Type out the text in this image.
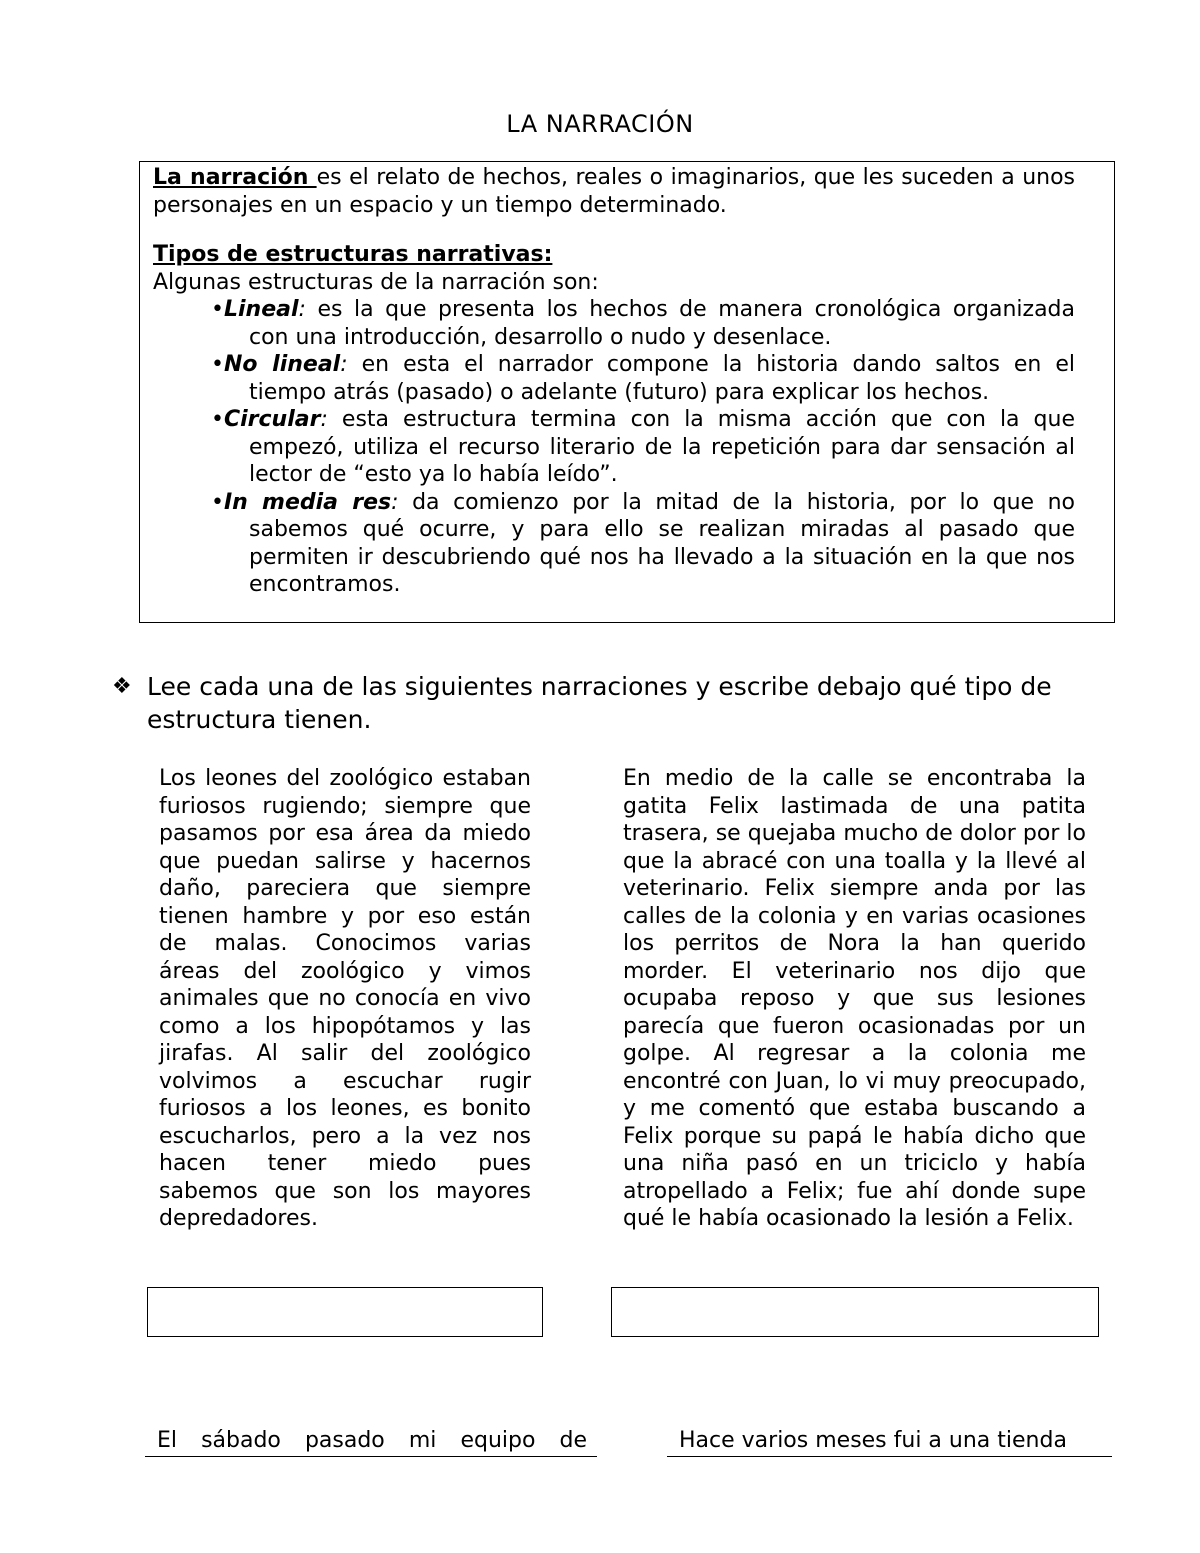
LA NARRACIÓN
La narración es el relato de hechos, reales o imaginarios, que les suceden a unos personajes en un espacio y un tiempo determinado.
Tipos de estructuras narrativas:
Algunas estructuras de la narración son:
•Lineal: es la que presenta los hechos de manera cronológica organizada con una introducción, desarrollo o nudo y desenlace.
•No lineal: en esta el narrador compone la historia dando saltos en el tiempo atrás (pasado) o adelante (futuro) para explicar los hechos.
•Circular: esta estructura termina con la misma acción que con la que empezó, utiliza el recurso literario de la repetición para dar sensación al lector de “esto ya lo había leído”.
•In media res: da comienzo por la mitad de la historia, por lo que no sabemos qué ocurre, y para ello se realizan miradas al pasado que permiten ir descubriendo qué nos ha llevado a la situación en la que nos encontramos.
❖ Lee cada una de las siguientes narraciones y escribe debajo qué tipo de estructura tienen.
Los leones del zoológico estaban furiosos rugiendo; siempre que pasamos por esa área da miedo que puedan salirse y hacernos daño, pareciera que siempre tienen hambre y por eso están de malas. Conocimos varias áreas del zoológico y vimos animales que no conocía en vivo como a los hipopótamos y las jirafas. Al salir del zoológico volvimos a escuchar rugir furiosos a los leones, es bonito escucharlos, pero a la vez nos hacen tener miedo pues sabemos que son los mayores depredadores.
En medio de la calle se encontraba la gatita Felix lastimada de una patita trasera, se quejaba mucho de dolor por lo que la abracé con una toalla y la llevé al veterinario. Felix siempre anda por las calles de la colonia y en varias ocasiones los perritos de Nora la han querido morder. El veterinario nos dijo que ocupaba reposo y que sus lesiones parecía que fueron ocasionadas por un golpe. Al regresar a la colonia me encontré con Juan, lo vi muy preocupado, y me comentó que estaba buscando a Felix porque su papá le había dicho que una niña pasó en un triciclo y había atropellado a Felix; fue ahí donde supe qué le había ocasionado la lesión a Felix.
El sábado pasado mi equipo de	Hace varios meses fui a una tienda
